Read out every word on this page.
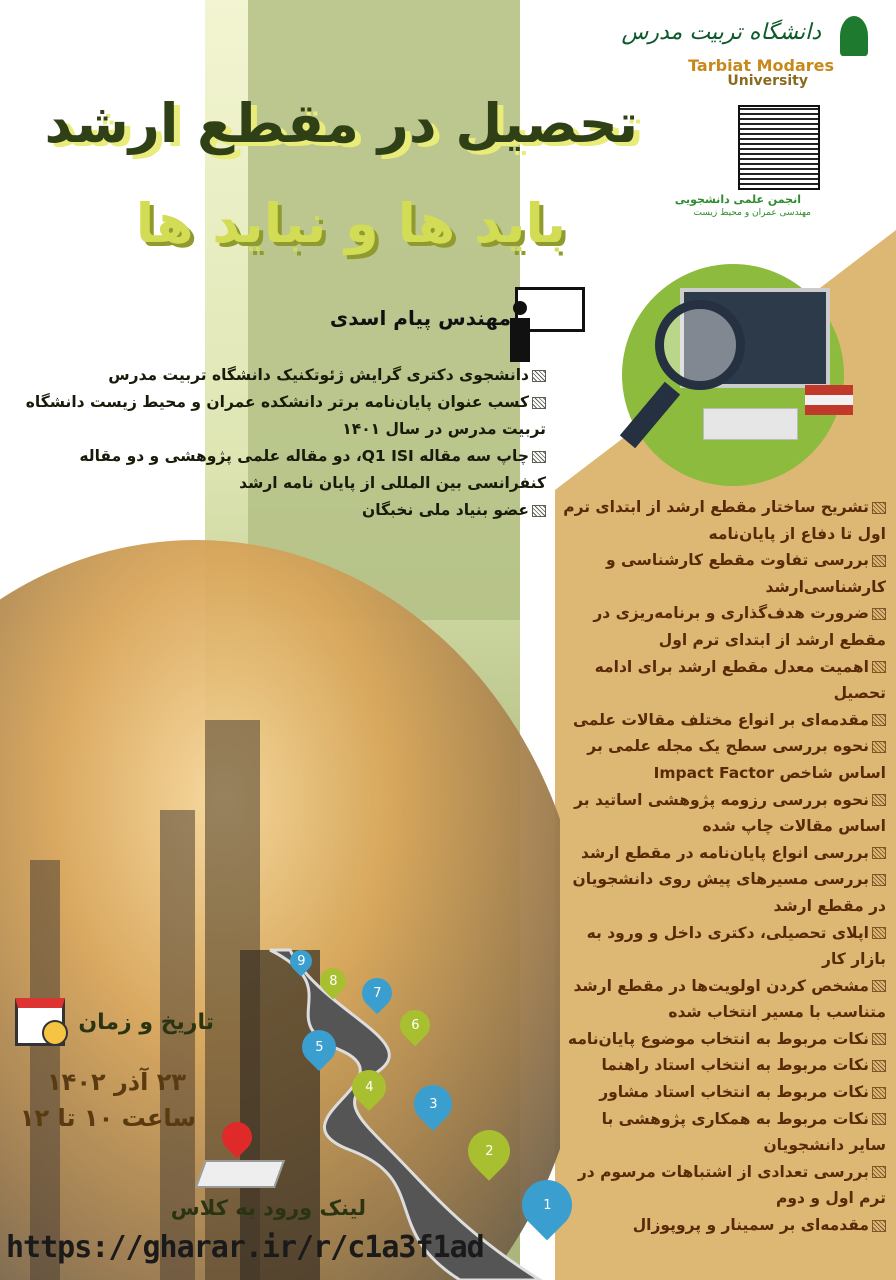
1
2
3
4
5
6
7
8
9
دانشگاه تربیت مدرس
Tarbiat Modares
University
انجمن علمی دانشجویی
مهندسی عمران و محیط زیست
تحصیل در مقطع ارشد
باید ها و نباید ها
مهندس پیام اسدی
دانشجوی دکتری گرایش ژئوتکنیک دانشگاه تربیت مدرس
کسب عنوان پایان‌نامه برتر دانشکده عمران و محیط زیست دانشگاه تربیت مدرس در سال ۱۴۰۱
چاپ سه مقاله Q1 ISI، دو مقاله علمی پژوهشی و دو مقاله کنفرانسی بین المللی از پایان نامه ارشد
عضو بنیاد ملی نخبگان	تشریح ساختار مقطع ارشد از ابتدای ترم اول تا دفاع از پایان‌نامه
بررسی تفاوت مقطع کارشناسی و کارشناسی‌ارشد
ضرورت هدف‌گذاری و برنامه‌ریزی در مقطع ارشد از ابتدای ترم اول
اهمیت معدل مقطع ارشد برای ادامه تحصیل
مقدمه‌ای بر انواع مختلف مقالات علمی
نحوه بررسی سطح یک مجله علمی بر اساس شاخص Impact Factor
نحوه بررسی رزومه پژوهشی اساتید بر اساس مقالات چاپ شده
بررسی انواع پایان‌نامه در مقطع ارشد
بررسی مسیرهای پیش روی دانشجویان در مقطع ارشد
اپلای تحصیلی، دکتری داخل و ورود به بازار کار
مشخص کردن اولویت‌ها در مقطع ارشد متناسب با مسیر انتخاب شده
نکات مربوط به انتخاب موضوع پایان‌نامه
نکات مربوط به انتخاب استاد راهنما
نکات مربوط به انتخاب استاد مشاور
نکات مربوط به همکاری پژوهشی با سایر دانشجویان
بررسی تعدادی از اشتباهات مرسوم در ترم اول و دوم
مقدمه‌ای بر سمینار و پروپوزال
تاریخ و زمان
۲۳ آذر ۱۴۰۲
ساعت ۱۰ تا ۱۲
لینک ورود به کلاس
https://gharar.ir/r/c1a3f1ad
